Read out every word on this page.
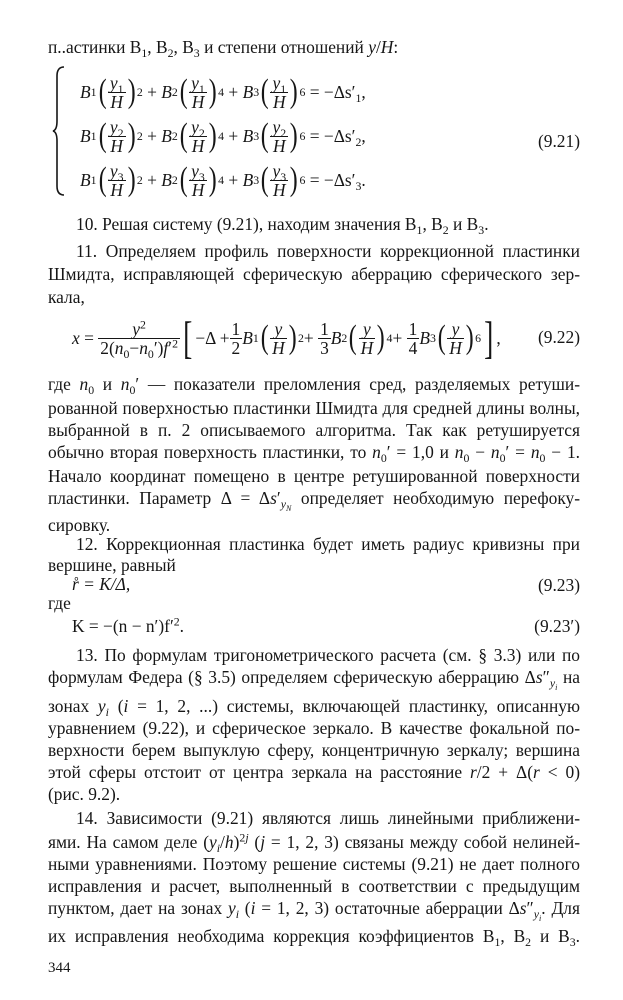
п..астинки $B_1$, $B_2$, $B_3$ и степени отношений y/H:
B 1 ( $\frac{y_1}{H}$ ) 2 + B 2 ( $\frac{y_1}{H}$ ) 4 + B 3 ( $\frac{y_1}{H}$ ) 6
= $-\Delta s'_1$,
B 1 ( $\frac{y_2}{H}$ ) 2 + B 2 ( $\frac{y_2}{H}$ ) 4 + B 3 ( $\frac{y_2}{H}$ ) 6
= $-\Delta s'_2$,
B 1 ( $\frac{y_3}{H}$ ) 2 + B 2 ( $\frac{y_3}{H}$ ) 4 + B 3 ( $\frac{y_3}{H}$ ) 6
= $-\Delta s'_3$.
(9.21)
10. Решая систему (9.21), находим значения $B_1$, $B_2$ и $B_3$.
11. Определяем профиль поверхности коррекционной пластинки
Шмидта, исправляющей сферическую аберрацию сферического зер-
кала,
$x = \frac{y^2}{2(n_0-n_0')f'^2}$ [ $-\Delta + \frac{1}{2}$ B 1 ( $\frac{y}{H}$ ) $2 + \frac{1}{3}$ B 2 ( $\frac{y}{H}$ ) $4 + \frac{1}{4}$ B 3 ( $\frac{y}{H}$ ) 6 ] , (9.22)
где $n_0$ и $n_0'$ — показатели преломления сред, разделяемых ретуши-
рованной поверхностью пластинки Шмидта для средней длины волны,
выбранной в п. 2 описываемого алгоритма. Так как ретушируется
обычно вторая поверхность пластинки, то $n_0' = 1,0$ и $n_0 - n_0' = n_0 - 1$.
Начало координат помещено в центре ретушированной поверхности
пластинки. Параметр $\Delta = \Delta s'_{y_N}$ определяет необходимую перефоку-
сировку.
12. Коррекционная пластинка будет иметь радиус кривизны при
вершине, равный
r̊ = K/Δ,	(9.23)
где
$K = -(n - n')f'^2$.	(9.23′)
13. По формулам тригонометрического расчета (см. § 3.3) или по
формулам Федера (§ 3.5) определяем сферическую аберрацию $\Delta s''_{y_i}$ на
зонах $y_i$ (i = 1, 2, ...) системы, включающей пластинку, описанную
уравнением (9.22), и сферическое зеркало. В качестве фокальной по-
верхности берем выпуклую сферу, концентричную зеркалу; вершина
этой сферы отстоит от центра зеркала на расстояние r/2 + Δ(r < 0)
(рис. 9.2).
14. Зависимости (9.21) являются лишь линейными приближени-
ями. На самом деле $(y_i/h)^{2j}$ (j = 1, 2, 3) связаны между собой нелиней-
ными уравнениями. Поэтому решение системы (9.21) не дает полного
исправления и расчет, выполненный в соответствии с предыдущим
пунктом, дает на зонах $y_i$ (i = 1, 2, 3) остаточные аберрации $\Delta s''_{y_i}$. Для
их исправления необходима коррекция коэффициентов $B_1$, $B_2$ и $B_3$.
344
